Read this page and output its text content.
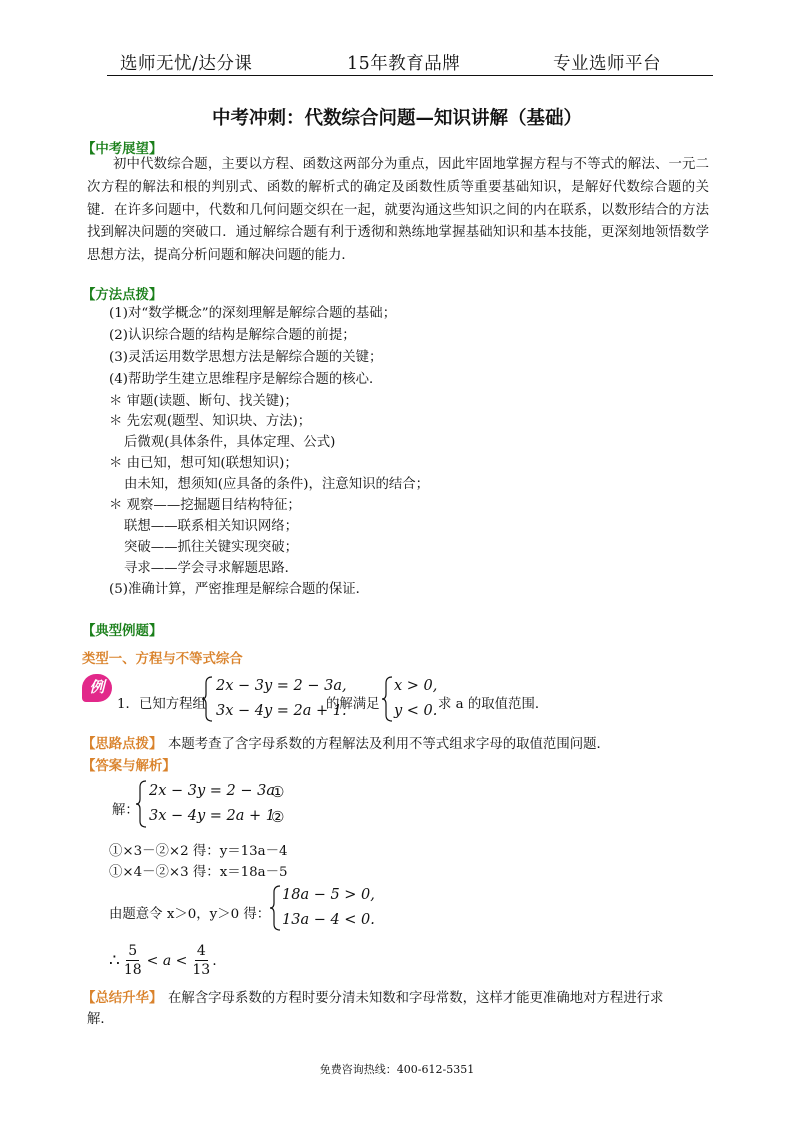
选师无忧/达分课	15年教育品牌	专业选师平台
中考冲刺：代数综合问题—知识讲解（基础）
【中考展望】
初中代数综合题，主要以方程、函数这两部分为重点，因此牢固地掌握方程与不等式的解法、一元二次方程的解法和根的判别式、函数的解析式的确定及函数性质等重要基础知识，是解好代数综合题的关键．在许多问题中，代数和几何问题交织在一起，就要沟通这些知识之间的内在联系，以数形结合的方法找到解决问题的突破口．通过解综合题有利于透彻和熟练地掌握基础知识和基本技能，更深刻地领悟数学思想方法，提高分析问题和解决问题的能力．
【方法点拨】
(1)对“数学概念”的深刻理解是解综合题的基础；
(2)认识综合题的结构是解综合题的前提；
(3)灵活运用数学思想方法是解综合题的关键；
(4)帮助学生建立思维程序是解综合题的核心．
＊ 审题(读题、断句、找关键)；
＊ 先宏观(题型、知识块、方法)；
后微观(具体条件，具体定理、公式)
＊ 由已知，想可知(联想知识)；
由未知，想须知(应具备的条件)，注意知识的结合；
＊ 观察——挖掘题目结构特征；
联想——联系相关知识网络；
突破——抓往关键实现突破；
寻求——学会寻求解题思路．
(5)准确计算，严密推理是解综合题的保证．
【典型例题】
类型一、方程与不等式综合
例
1． 已知方程组
2x − 3y = 2 − 3a,
3x − 4y = 2a + 1.
的解满足
x > 0,
y < 0. 求 a 的取值范围．
【思路点拨】 本题考查了含字母系数的方程解法及利用不等式组求字母的取值范围问题．
【答案与解析】
解：
2x − 3y = 2 − 3a
①
3x − 4y = 2a + 1
②
①×3－②×2 得：y＝13a－4
①×4－②×3 得：x＝18a－5
由题意令 x＞0，y＞0 得：
18a − 5 > 0,
13a − 4 < 0.
∴ $\frac{5}{18} < a < \frac{4}{13}$ .
【总结升华】 在解含字母系数的方程时要分清未知数和字母常数，这样才能更准确地对方程进行求
解．
免费咨询热线：400-612-5351
